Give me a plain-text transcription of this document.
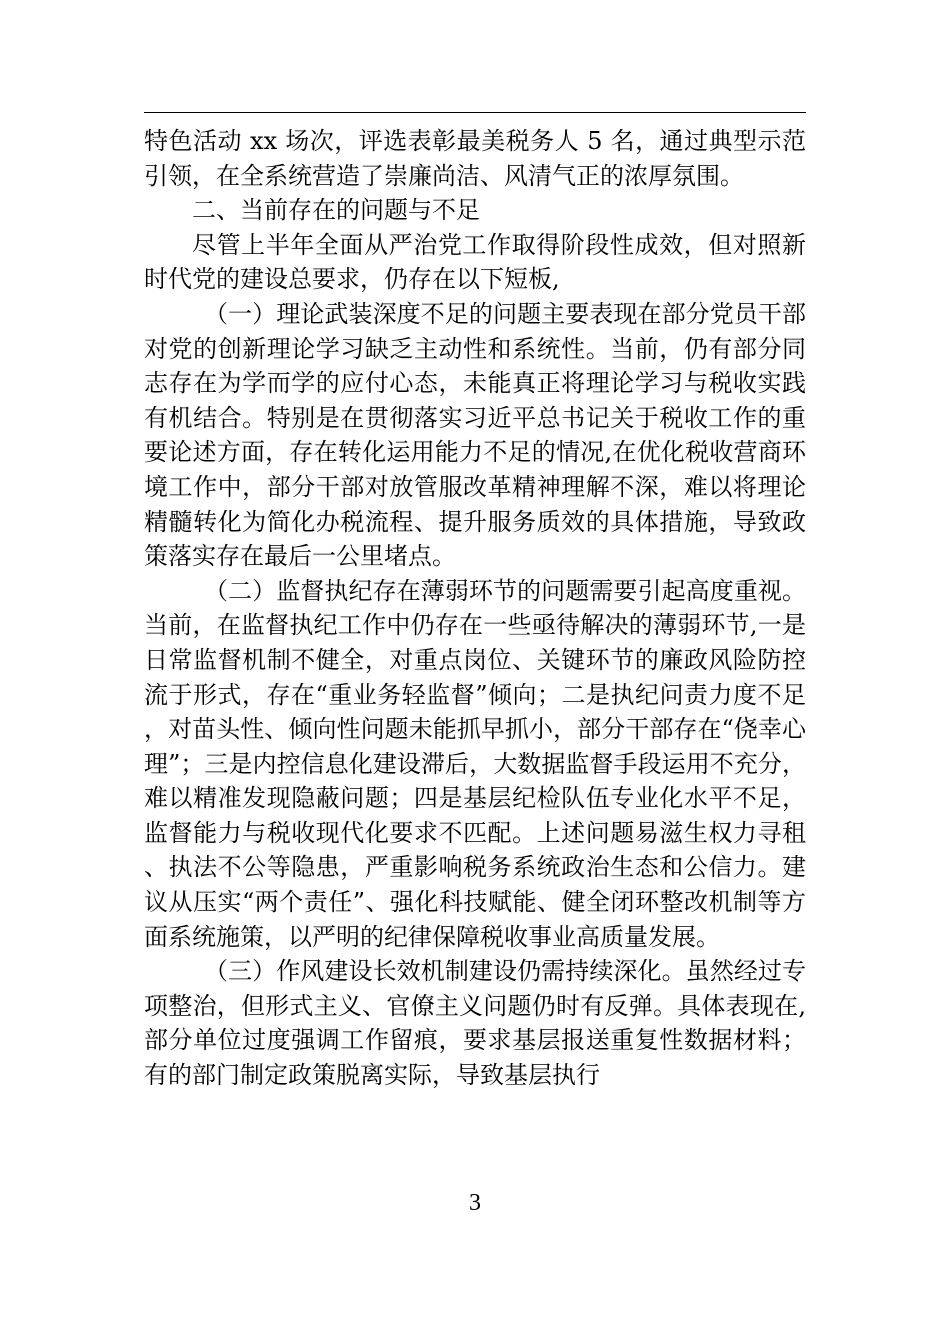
特色活动 xx 场次，评选表彰最美税务人 5 名，通过典型示范引领，在全系统营造了崇廉尚洁、风清气正的浓厚氛围。

二、当前存在的问题与不足

尽管上半年全面从严治党工作取得阶段性成效，但对照新时代党的建设总要求，仍存在以下短板,

（一）理论武装深度不足的问题主要表现在部分党员干部对党的创新理论学习缺乏主动性和系统性。当前，仍有部分同志存在为学而学的应付心态，未能真正将理论学习与税收实践有机结合。特别是在贯彻落实习近平总书记关于税收工作的重要论述方面，存在转化运用能力不足的情况,在优化税收营商环境工作中，部分干部对放管服改革精神理解不深，难以将理论精髓转化为简化办税流程、提升服务质效的具体措施，导致政策落实存在最后一公里堵点。

（二）监督执纪存在薄弱环节的问题需要引起高度重视。当前，在监督执纪工作中仍存在一些亟待解决的薄弱环节,一是日常监督机制不健全，对重点岗位、关键环节的廉政风险防控流于形式，存在“重业务轻监督”倾向；二是执纪问责力度不足，对苗头性、倾向性问题未能抓早抓小，部分干部存在“侥幸心理”；三是内控信息化建设滞后，大数据监督手段运用不充分，难以精准发现隐蔽问题；四是基层纪检队伍专业化水平不足，监督能力与税收现代化要求不匹配。上述问题易滋生权力寻租、执法不公等隐患，严重影响税务系统政治生态和公信力。建议从压实“两个责任”、强化科技赋能、健全闭环整改机制等方面系统施策，以严明的纪律保障税收事业高质量发展。

（三）作风建设长效机制建设仍需持续深化。虽然经过专项整治，但形式主义、官僚主义问题仍时有反弹。具体表现在,部分单位过度强调工作留痕，要求基层报送重复性数据材料；有的部门制定政策脱离实际，导致基层执行

3
